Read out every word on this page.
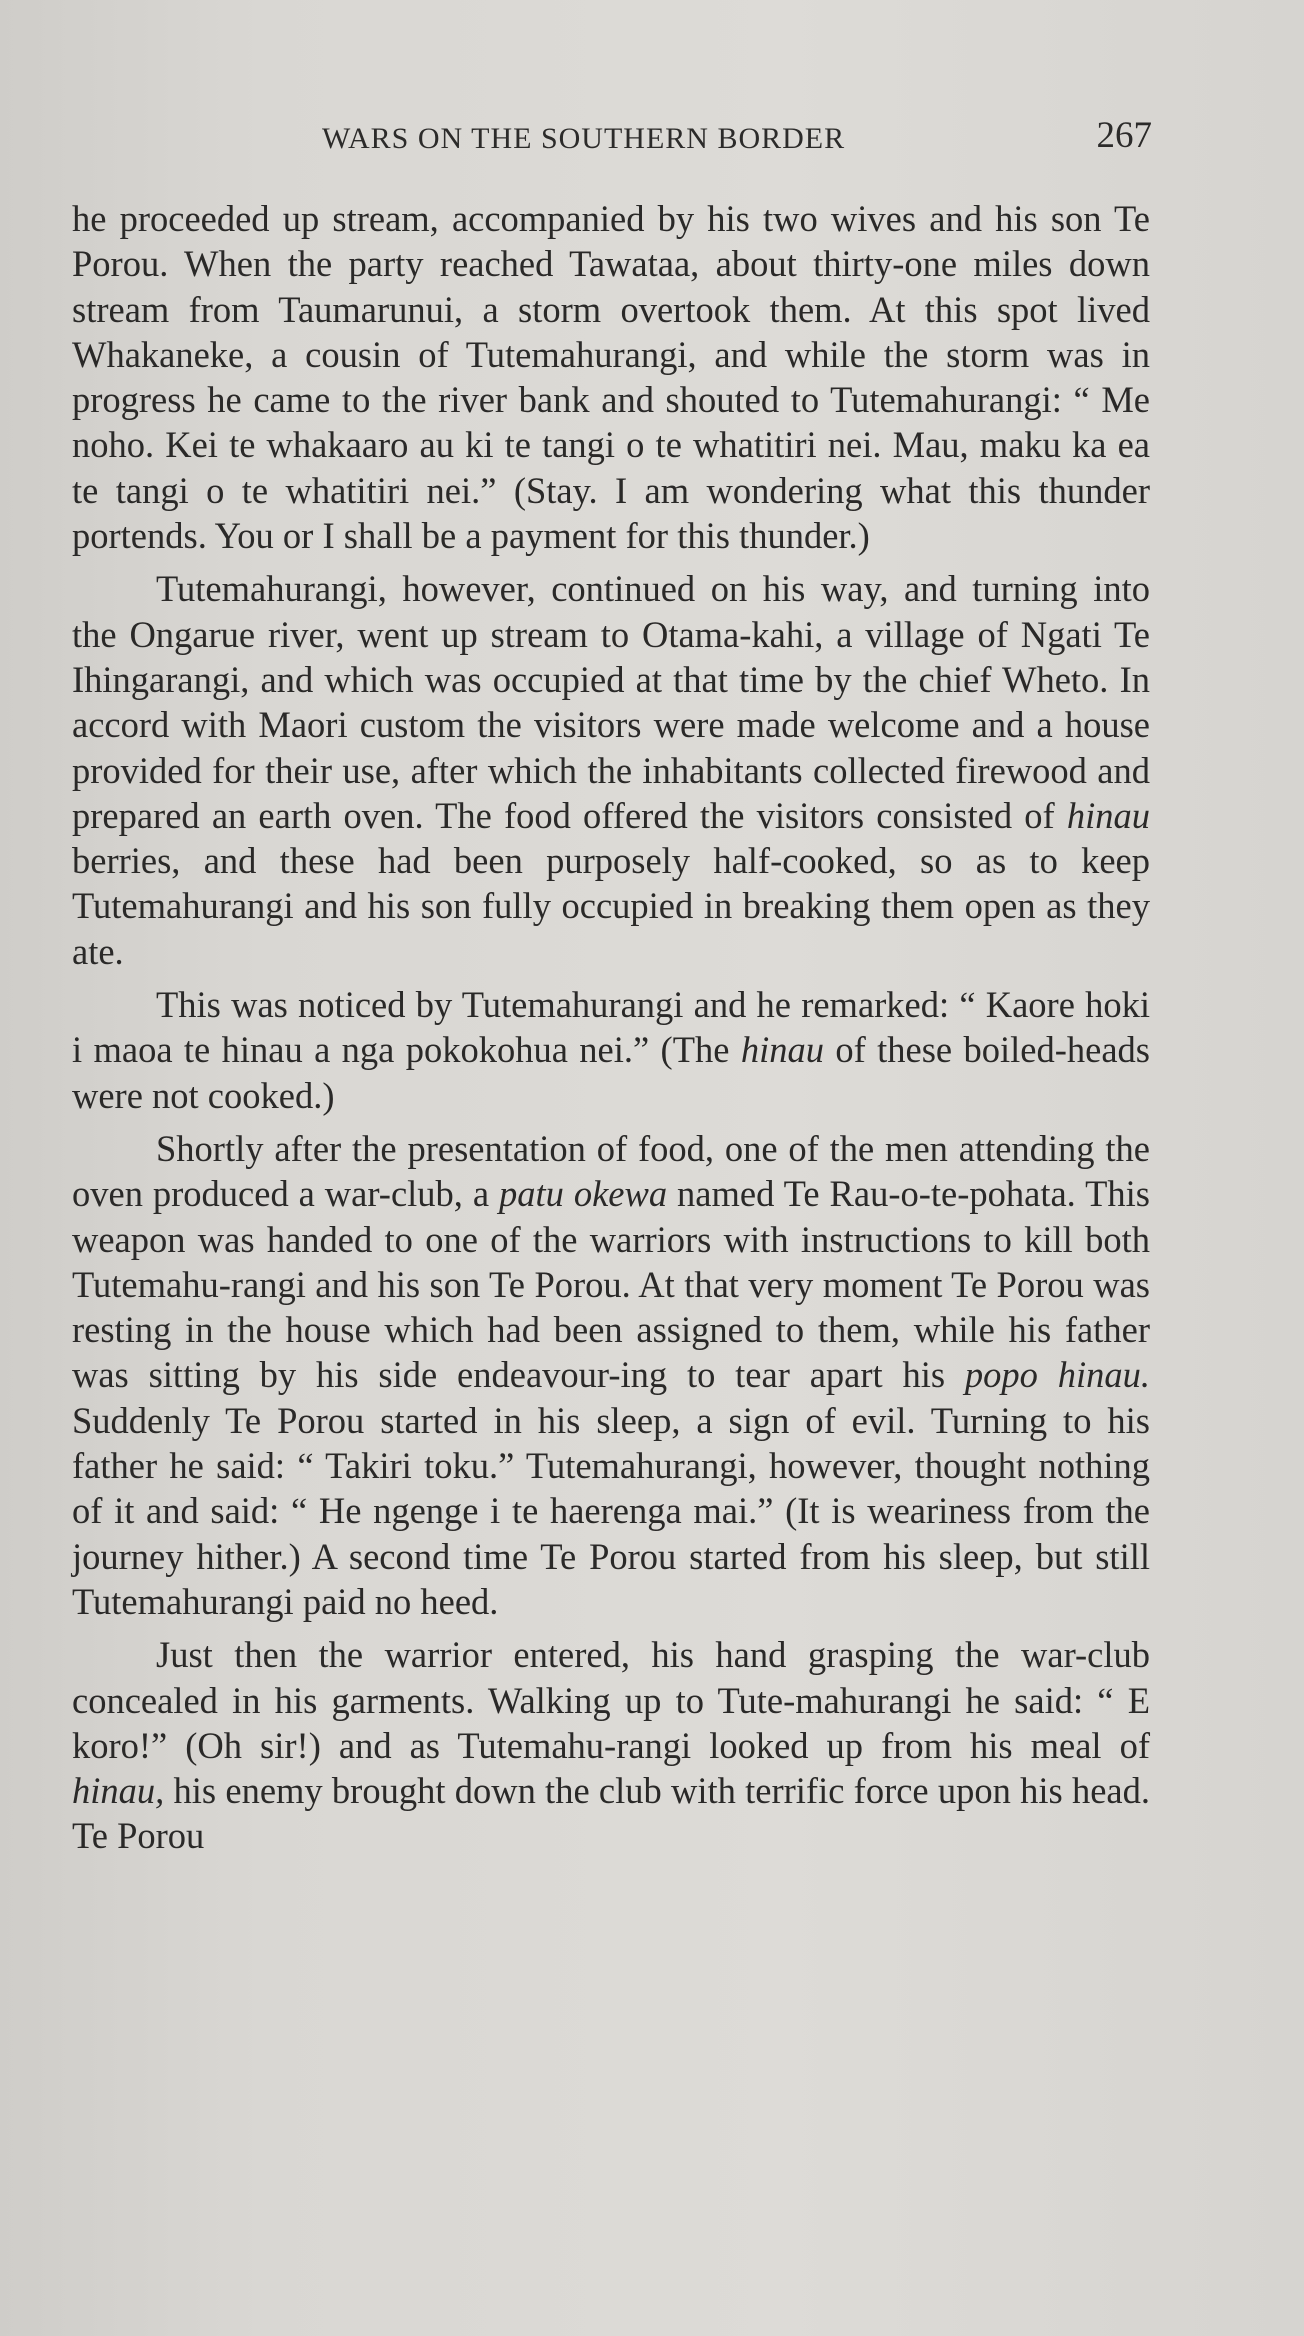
WARS ON THE SOUTHERN BORDER	267

he proceeded up stream, accompanied by his two wives and his son Te Porou. When the party reached Tawataa, about thirty-one miles down stream from Taumarunui, a storm overtook them. At this spot lived Whakaneke, a cousin of Tutemahurangi, and while the storm was in progress he came to the river bank and shouted to Tutemahurangi: “ Me noho. Kei te whakaaro au ki te tangi o te whatitiri nei. Mau, maku ka ea te tangi o te whatitiri nei.” (Stay. I am wondering what this thunder portends. You or I shall be a payment for this thunder.)

Tutemahurangi, however, continued on his way, and turning into the Ongarue river, went up stream to Otama-kahi, a village of Ngati Te Ihingarangi, and which was occupied at that time by the chief Wheto. In accord with Maori custom the visitors were made welcome and a house provided for their use, after which the inhabitants collected firewood and prepared an earth oven. The food offered the visitors consisted of hinau berries, and these had been purposely half-cooked, so as to keep Tutemahurangi and his son fully occupied in breaking them open as they ate.

This was noticed by Tutemahurangi and he remarked: “ Kaore hoki i maoa te hinau a nga pokokohua nei.” (The hinau of these boiled-heads were not cooked.)

Shortly after the presentation of food, one of the men attending the oven produced a war-club, a patu okewa named Te Rau-o-te-pohata. This weapon was handed to one of the warriors with instructions to kill both Tutemahu-rangi and his son Te Porou. At that very moment Te Porou was resting in the house which had been assigned to them, while his father was sitting by his side endeavour-ing to tear apart his popo hinau. Suddenly Te Porou started in his sleep, a sign of evil. Turning to his father he said: “ Takiri toku.” Tutemahurangi, however, thought nothing of it and said: “ He ngenge i te haerenga mai.” (It is weariness from the journey hither.) A second time Te Porou started from his sleep, but still Tutemahurangi paid no heed.

Just then the warrior entered, his hand grasping the war-club concealed in his garments. Walking up to Tute-mahurangi he said: “ E koro!” (Oh sir!) and as Tutemahu-rangi looked up from his meal of hinau, his enemy brought down the club with terrific force upon his head. Te Porou
